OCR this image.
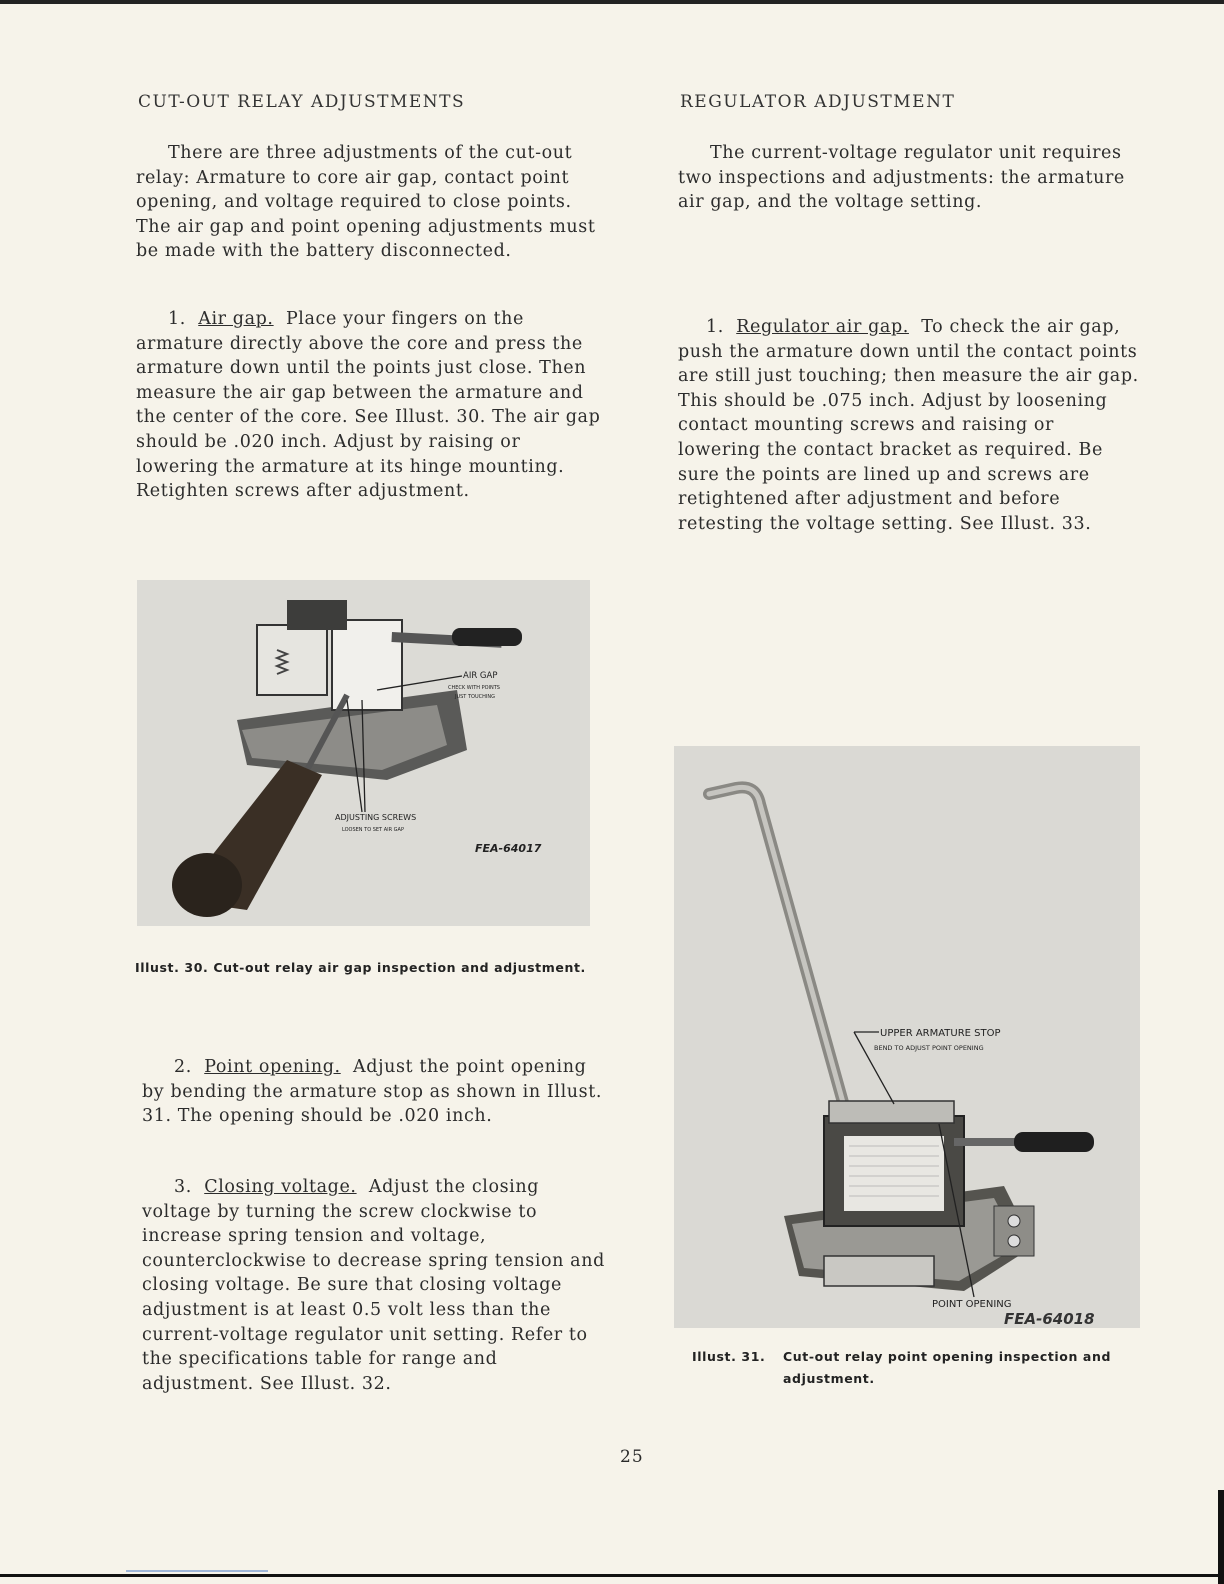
CUT-OUT RELAY ADJUSTMENTS

There are three adjustments of the cut-out relay: Armature to core air gap, contact point opening, and voltage required to close points. The air gap and point opening adjustments must be made with the battery disconnected.

1. Air gap. Place your fingers on the armature directly above the core and press the armature down until the points just close. Then measure the air gap between the armature and the center of the core. See Illust. 30. The air gap should be .020 inch. Adjust by raising or lowering the armature at its hinge mounting. Retighten screws after adjustment.

AIR GAP
CHECK WITH POINTS
JUST TOUCHING
ADJUSTING SCREWS
LOOSEN TO SET AIR GAP
FEA-64017

Illust. 30. Cut-out relay air gap inspection and adjustment.

2. Point opening. Adjust the point opening by bending the armature stop as shown in Illust. 31. The opening should be .020 inch.

3. Closing voltage. Adjust the closing voltage by turning the screw clockwise to increase spring tension and voltage, counterclockwise to decrease spring tension and closing voltage. Be sure that closing voltage adjustment is at least 0.5 volt less than the current-voltage regulator unit setting. Refer to the specifications table for range and adjustment. See Illust. 32.

REGULATOR ADJUSTMENT

The current-voltage regulator unit requires two inspections and adjustments: the armature air gap, and the voltage setting.

1. Regulator air gap. To check the air gap, push the armature down until the contact points are still just touching; then measure the air gap. This should be .075 inch. Adjust by loosening contact mounting screws and raising or lowering the contact bracket as required. Be sure the points are lined up and screws are retightened after adjustment and before retesting the voltage setting. See Illust. 33.

UPPER ARMATURE STOP
BEND TO ADJUST POINT OPENING
POINT OPENING
FEA-64018

Illust. 31.	Cut-out relay point opening inspection and
adjustment.

25
